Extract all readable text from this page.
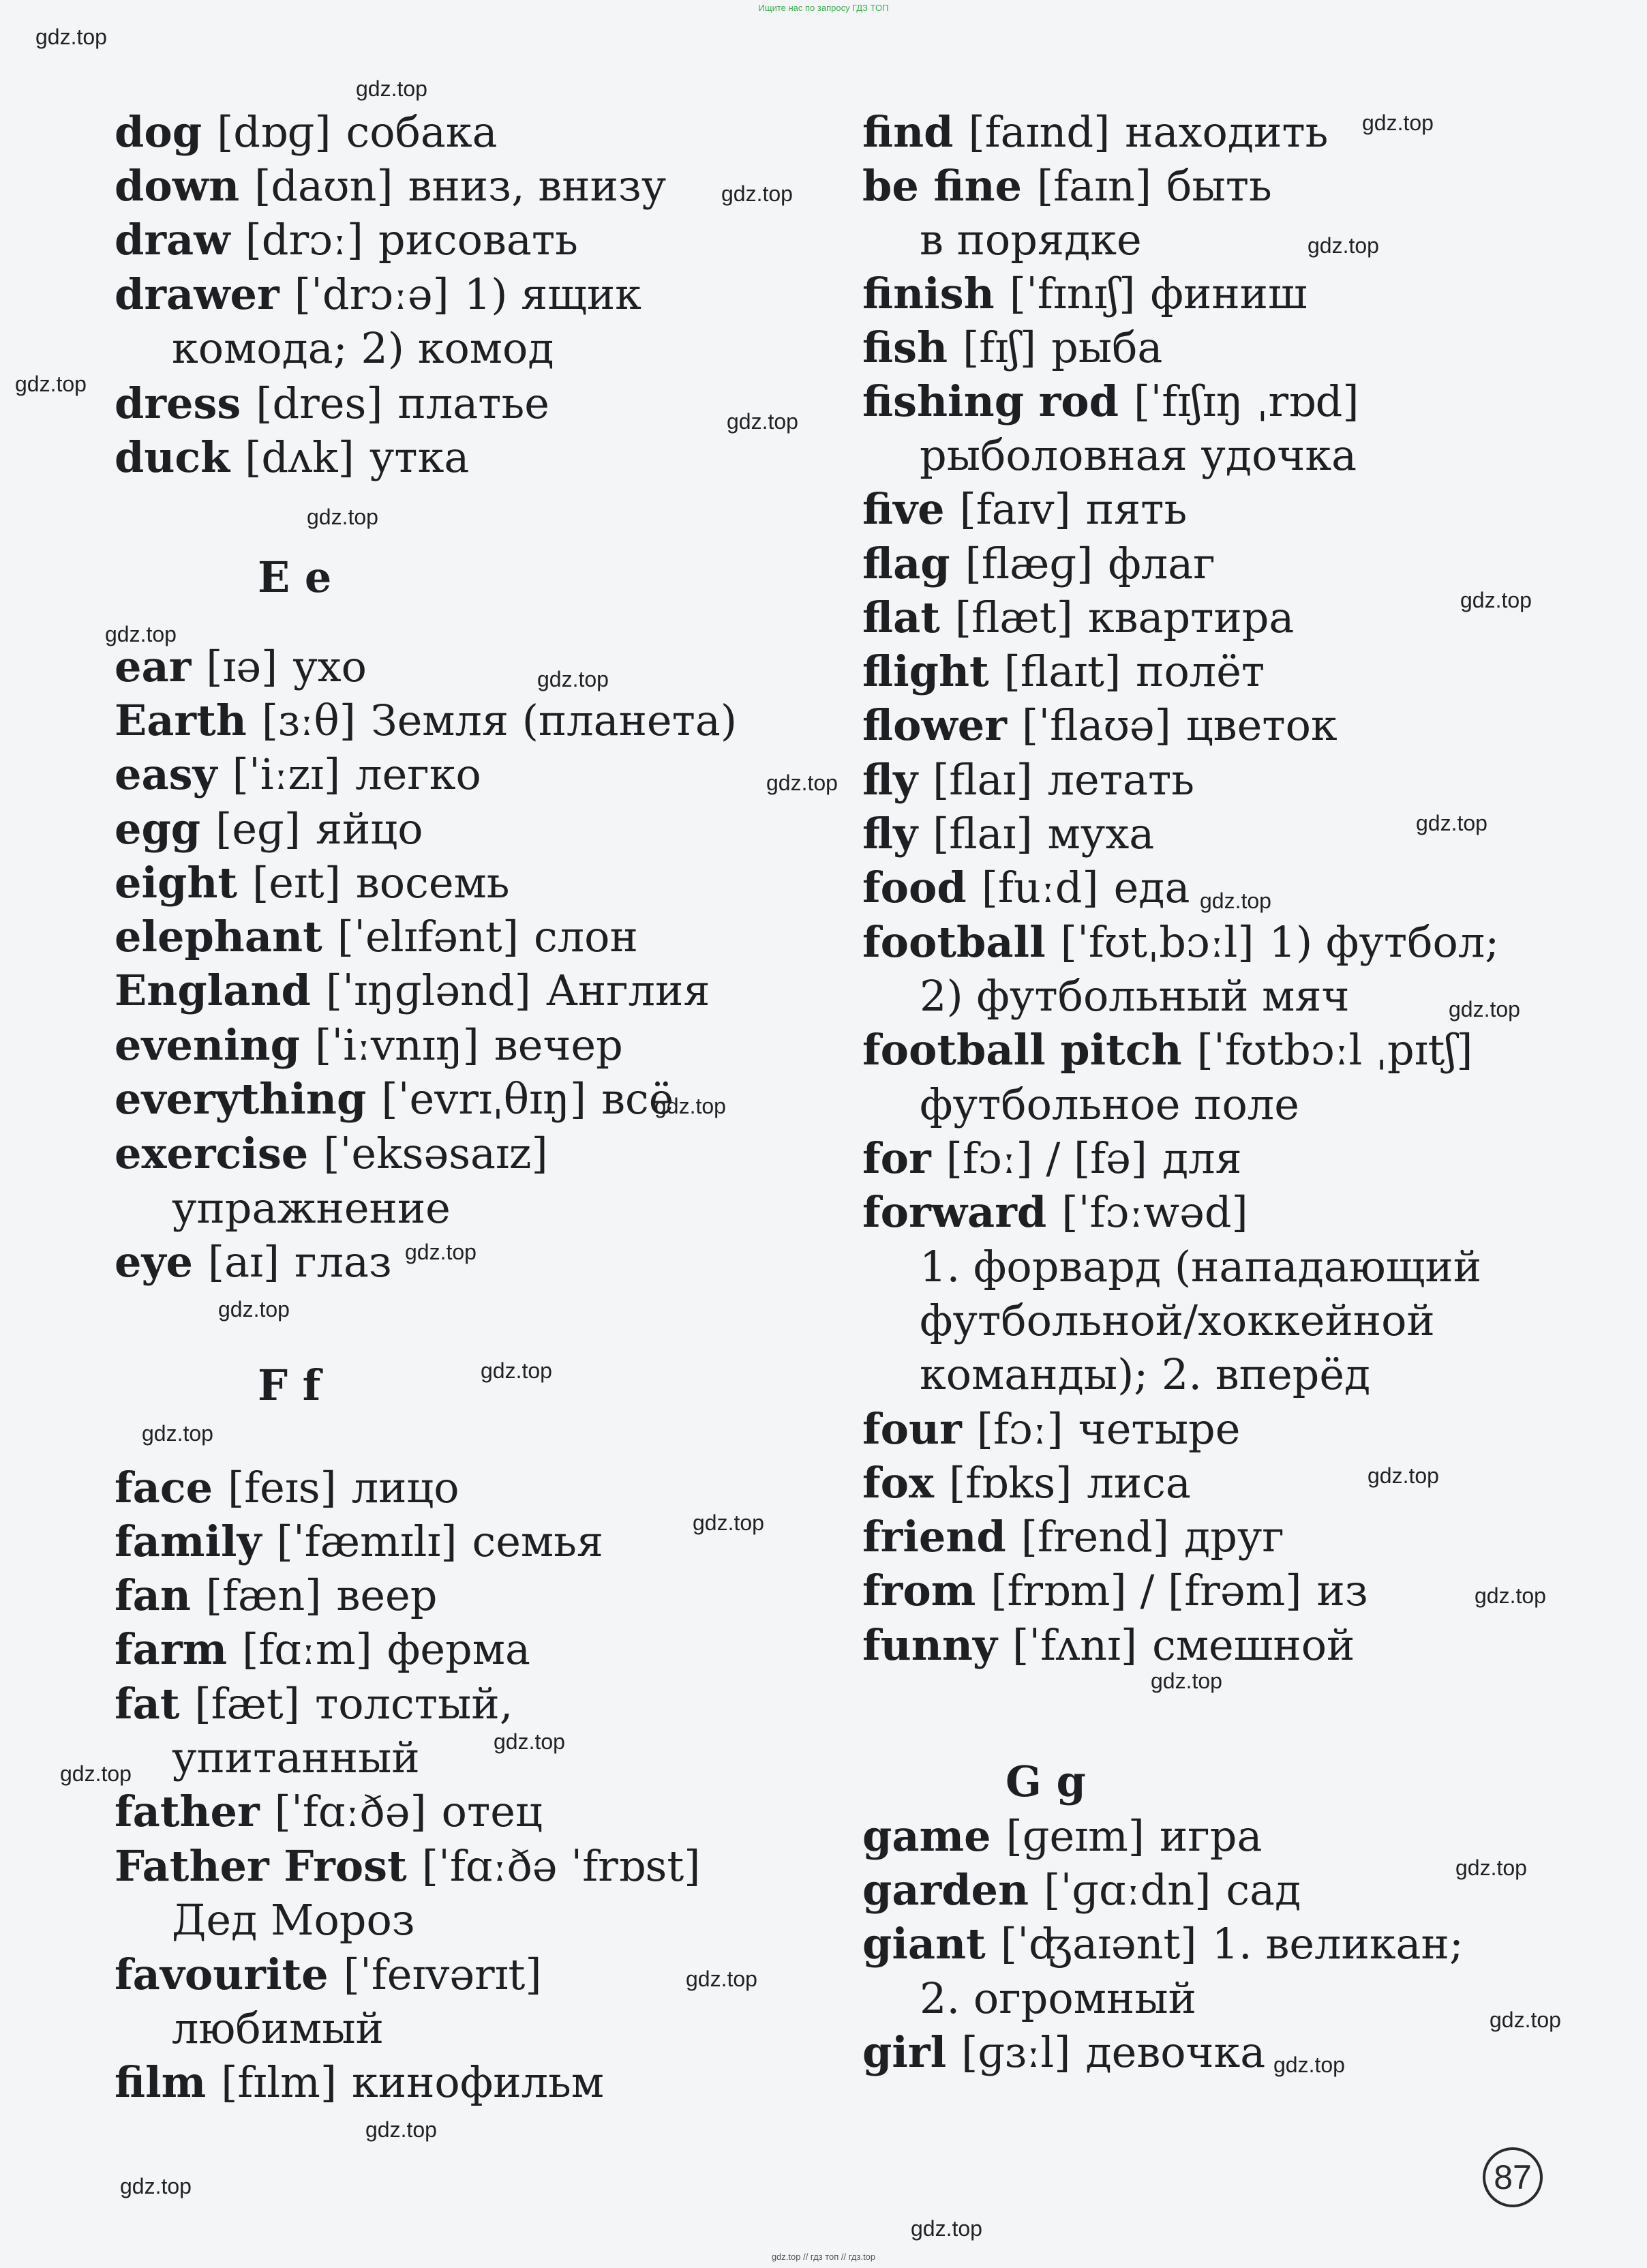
Ищите нас по запросу ГДЗ ТОП
dog [dɒɡ] собака
down [daʊn] вниз, внизу
draw [drɔː] рисовать
drawer [ˈdrɔːə] 1) ящик
комода; 2) комод
dress [dres] платье
duck [dʌk] утка
E e
ear [ɪə] ухо
Earth [ɜːθ] Земля (планета)
easy [ˈiːzɪ] легко
egg [eɡ] яйцо
eight [eɪt] восемь
elephant [ˈelɪfənt] слон
England [ˈɪŋɡlənd] Англия
evening [ˈiːvnɪŋ] вечер
everything [ˈevrɪˌθɪŋ] всё
exercise [ˈeksəsaɪz]
упражнение
eye [aɪ] глаз
F f
face [feɪs] лицо
family [ˈfæmɪlɪ] семья
fan [fæn] веер
farm [fɑːm] ферма
fat [fæt] толстый,
упитанный
father [ˈfɑːðə] отец
Father Frost [ˈfɑːðə ˈfrɒst]
Дед Мороз
favourite [ˈfeɪvərɪt]
любимый
film [fɪlm] кинофильм
find [faɪnd] находить
be fine [faɪn] быть
в порядке
finish [ˈfɪnɪʃ] финиш
fish [fɪʃ] рыба
fishing rod [ˈfɪʃɪŋ ˌrɒd]
рыболовная удочка
five [faɪv] пять
flag [flæɡ] флаг
flat [flæt] квартира
flight [flaɪt] полёт
flower [ˈflaʊə] цветок
fly [flaɪ] летать
fly [flaɪ] муха
food [fuːd] еда
football [ˈfʊtˌbɔːl] 1) футбол;
2) футбольный мяч
football pitch [ˈfʊtbɔːl ˌpɪtʃ]
футбольное поле
for [fɔː] / [fə] для
forward [ˈfɔːwəd]
1. форвард (нападающий
футбольной/хоккейной
команды); 2. вперёд
four [fɔː] четыре
fox [fɒks] лиса
friend [frend] друг
from [frɒm] / [frəm] из
funny [ˈfʌnɪ] смешной
G g
game [ɡeɪm] игра
garden [ˈɡɑːdn] сад
giant [ˈʤaɪənt] 1. великан;
2. огромный
girl [ɡɜːl] девочка
gdz.top
gdz.top
gdz.top
gdz.top
gdz.top
gdz.top
gdz.top
gdz.top
gdz.top
gdz.top
gdz.top
gdz.top
gdz.top
gdz.top
gdz.top
gdz.top
gdz.top
gdz.top
gdz.top
gdz.top
gdz.top
gdz.top
gdz.top
gdz.top
gdz.top
gdz.top
gdz.top
gdz.top
gdz.top
gdz.top
gdz.top
gdz.top
gdz.top
87
gdz.top // гдз топ // гдз.top
